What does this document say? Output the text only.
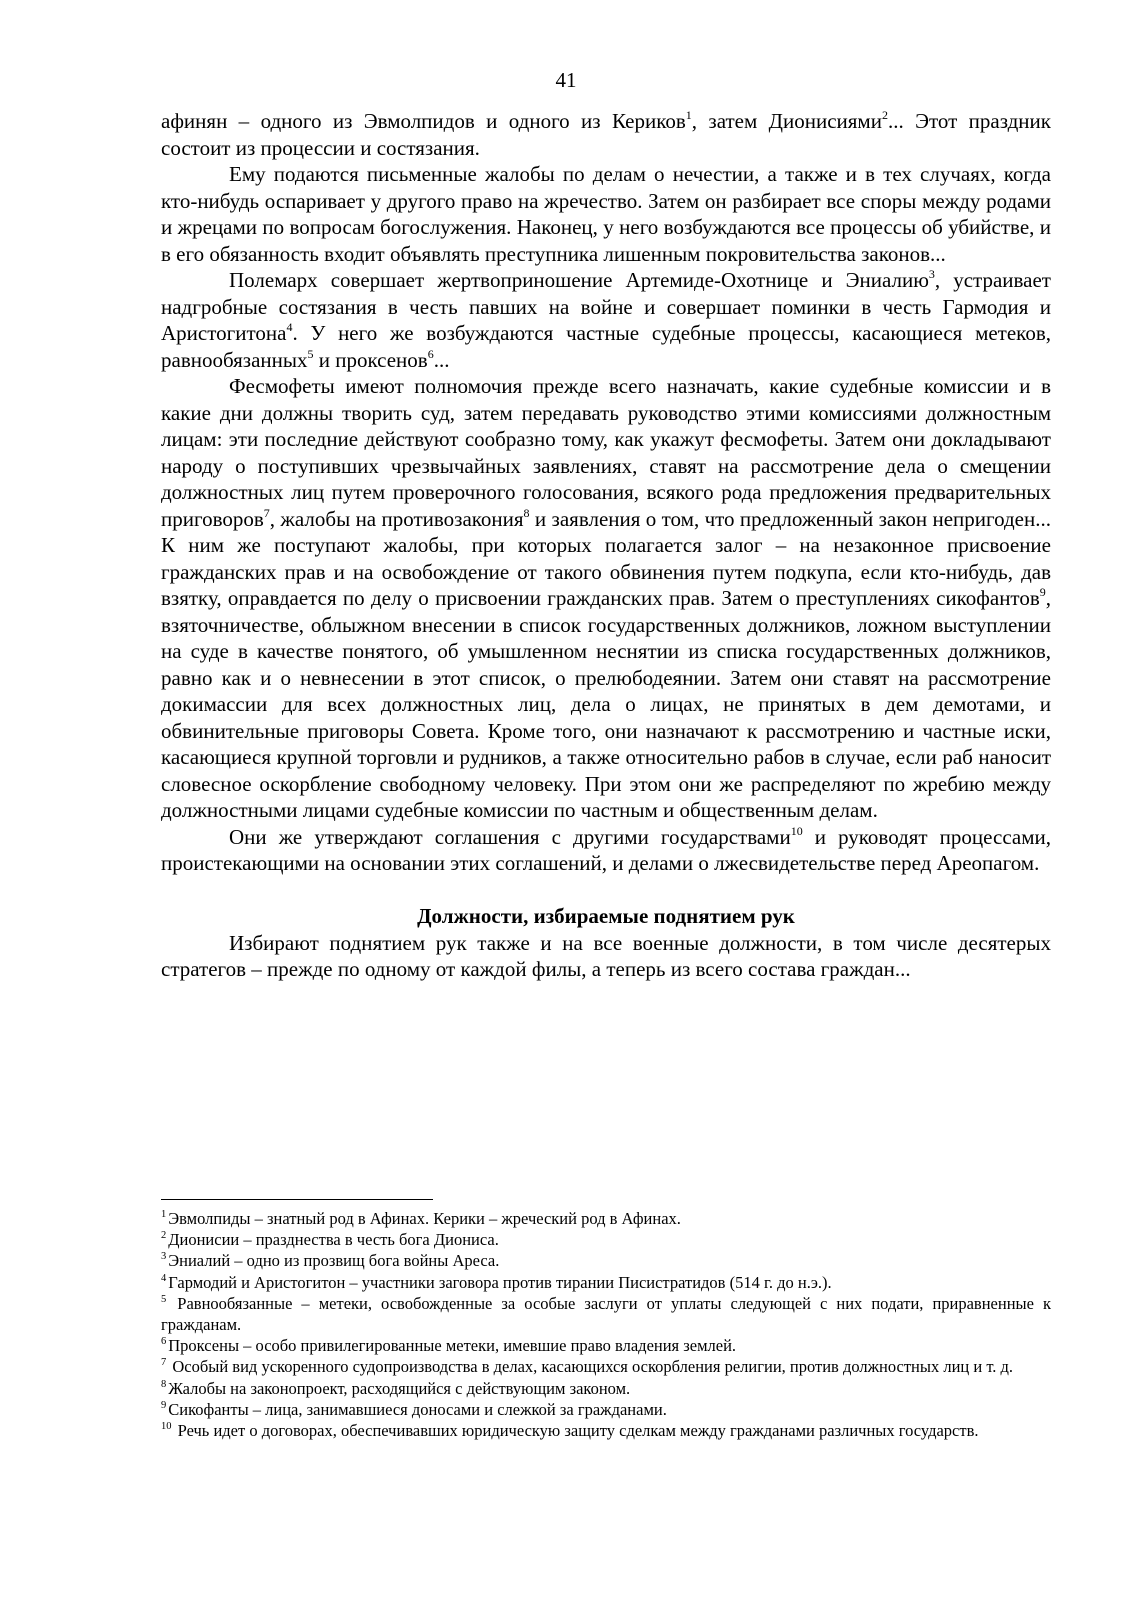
41

афинян – одного из Эвмолпидов и одного из Кериков$^1$, затем Дионисиями$^2$... Этот праздник состоит из процессии и состязания.

Ему подаются письменные жалобы по делам о нечестии, а также и в тех случаях, когда кто-нибудь оспаривает у другого право на жречество. Затем он разбирает все споры между родами и жрецами по вопросам богослужения. Наконец, у него возбуждаются все процессы об убийстве, и в его обязанность входит объявлять преступника лишенным покровительства законов...

Полемарх совершает жертвоприношение Артемиде-Охотнице и Эниалию$^3$, устраивает надгробные состязания в честь павших на войне и совершает поминки в честь Гармодия и Аристогитона$^4$. У него же возбуждаются частные судебные процессы, касающиеся метеков, равнообязанных$^5$ и проксенов$^6$...

Фесмофеты имеют полномочия прежде всего назначать, какие судебные комиссии и в какие дни должны творить суд, затем передавать руководство этими комиссиями должностным лицам: эти последние действуют сообразно тому, как укажут фесмофеты. Затем они докладывают народу о поступивших чрезвычайных заявлениях, ставят на рассмотрение дела о смещении должностных лиц путем проверочного голосования, всякого рода предложения предварительных приговоров$^7$, жалобы на противозакония$^8$ и заявления о том, что предложенный закон непригоден... К ним же поступают жалобы, при которых полагается залог – на незаконное присвоение гражданских прав и на освобождение от такого обвинения путем подкупа, если кто-нибудь, дав взятку, оправдается по делу о присвоении гражданских прав. Затем о преступлениях сикофантов$^9$, взяточничестве, облыжном внесении в список государственных должников, ложном выступлении на суде в качестве понятого, об умышленном неснятии из списка государственных должников, равно как и о невнесении в этот список, о прелюбодеянии. Затем они ставят на рассмотрение докимассии для всех должностных лиц, дела о лицах, не принятых в дем демотами, и обвинительные приговоры Совета. Кроме того, они назначают к рассмотрению и частные иски, касающиеся крупной торговли и рудников, а также относительно рабов в случае, если раб наносит словесное оскорбление свободному человеку. При этом они же распределяют по жребию между должностными лицами судебные комиссии по частным и общественным делам.

Они же утверждают соглашения с другими государствами$^{10}$ и руководят процессами, проистекающими на основании этих соглашений, и делами о лжесвидетельстве перед Ареопагом.

Должности, избираемые поднятием рук

Избирают поднятием рук также и на все военные должности, в том числе десятерых стратегов – прежде по одному от каждой филы, а теперь из всего состава граждан...

$^1$ Эвмолпиды – знатный род в Афинах. Керики – жреческий род в Афинах.

$^2$ Дионисии – празднества в честь бога Диониса.

$^3$ Эниалий – одно из прозвищ бога войны Ареса.

$^4$ Гармодий и Аристогитон – участники заговора против тирании Писистратидов (514 г. до н.э.).

$^5$ Равнообязанные – метеки, освобожденные за особые заслуги от уплаты следующей с них подати, приравненные к гражданам.

$^6$ Проксены – особо привилегированные метеки, имевшие право владения землей.

$^7$ Особый вид ускоренного судопроизводства в делах, касающихся оскорбления религии, против должностных лиц и т. д.

$^8$ Жалобы на законопроект, расходящийся с действующим законом.

$^9$ Сикофанты – лица, занимавшиеся доносами и слежкой за гражданами.

$^{10}$ Речь идет о договорах, обеспечивавших юридическую защиту сделкам между гражданами различных государств.
